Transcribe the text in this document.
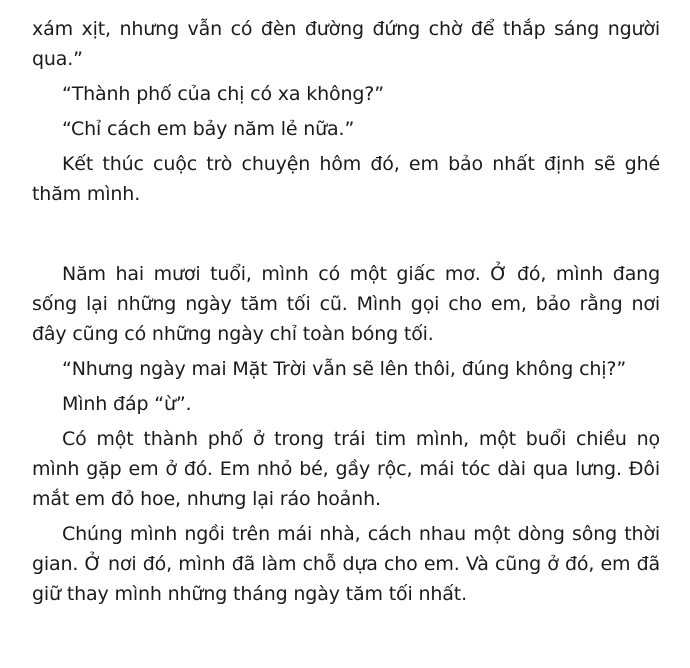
xám xịt, nhưng vẫn có đèn đường đứng chờ để thắp sáng người qua.”

“Thành phố của chị có xa không?”

“Chỉ cách em bảy năm lẻ nữa.”

Kết thúc cuộc trò chuyện hôm đó, em bảo nhất định sẽ ghé thăm mình.

Năm hai mươi tuổi, mình có một giấc mơ. Ở đó, mình đang sống lại những ngày tăm tối cũ. Mình gọi cho em, bảo rằng nơi đây cũng có những ngày chỉ toàn bóng tối.

“Nhưng ngày mai Mặt Trời vẫn sẽ lên thôi, đúng không chị?”

Mình đáp “ừ”.

Có một thành phố ở trong trái tim mình, một buổi chiều nọ mình gặp em ở đó. Em nhỏ bé, gầy rộc, mái tóc dài qua lưng. Đôi mắt em đỏ hoe, nhưng lại ráo hoảnh.

Chúng mình ngồi trên mái nhà, cách nhau một dòng sông thời gian. Ở nơi đó, mình đã làm chỗ dựa cho em. Và cũng ở đó, em đã giữ thay mình những tháng ngày tăm tối nhất.
